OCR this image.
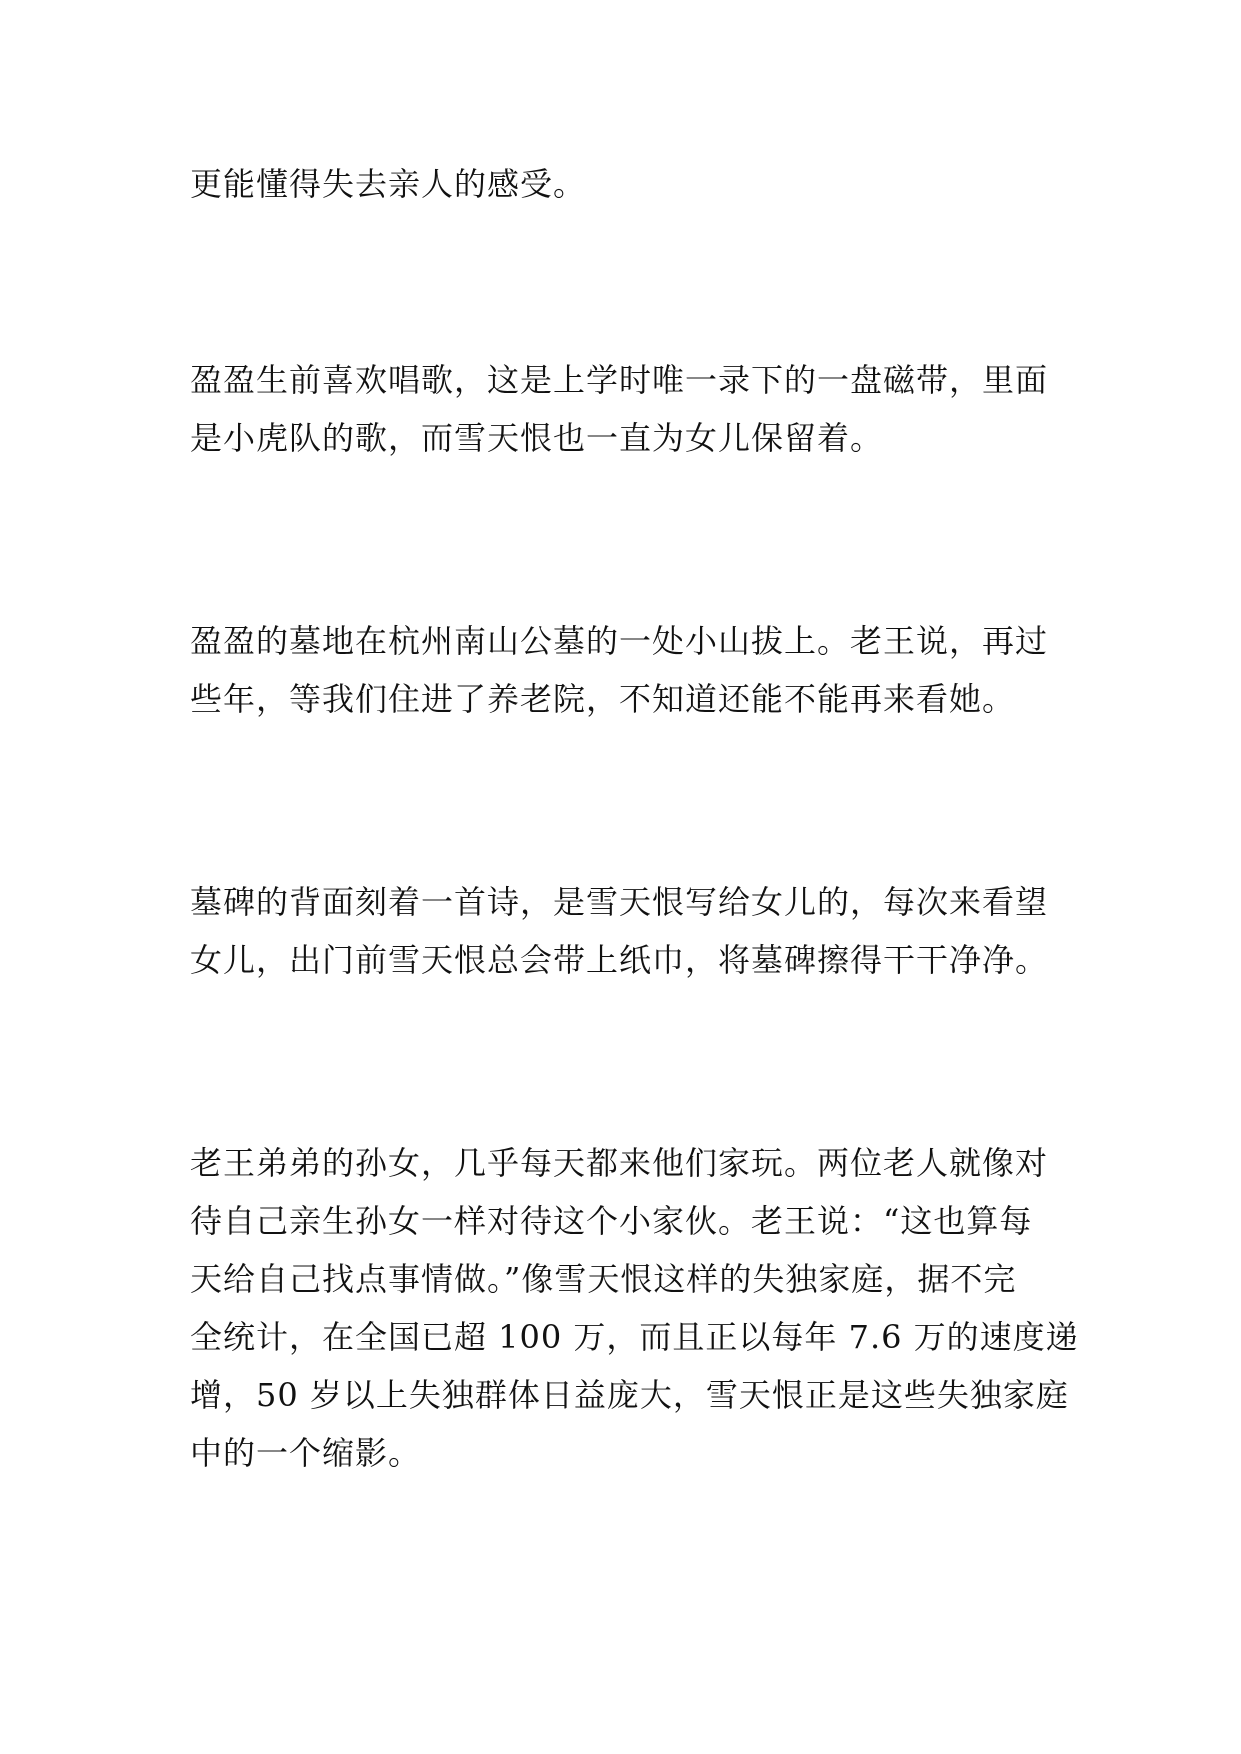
更能懂得失去亲人的感受。

盈盈生前喜欢唱歌，这是上学时唯一录下的一盘磁带，里面
是小虎队的歌，而雪天恨也一直为女儿保留着。

盈盈的墓地在杭州南山公墓的一处小山拔上。老王说，再过
些年，等我们住进了养老院，不知道还能不能再来看她。

墓碑的背面刻着一首诗，是雪天恨写给女儿的，每次来看望
女儿，出门前雪天恨总会带上纸巾，将墓碑擦得干干净净。

老王弟弟的孙女，几乎每天都来他们家玩。两位老人就像对
待自己亲生孙女一样对待这个小家伙。老王说：“这也算每
天给自己找点事情做。”像雪天恨这样的失独家庭，据不完
全统计，在全国已超 100 万，而且正以每年 7.6 万的速度递
增，50 岁以上失独群体日益庞大，雪天恨正是这些失独家庭
中的一个缩影。
